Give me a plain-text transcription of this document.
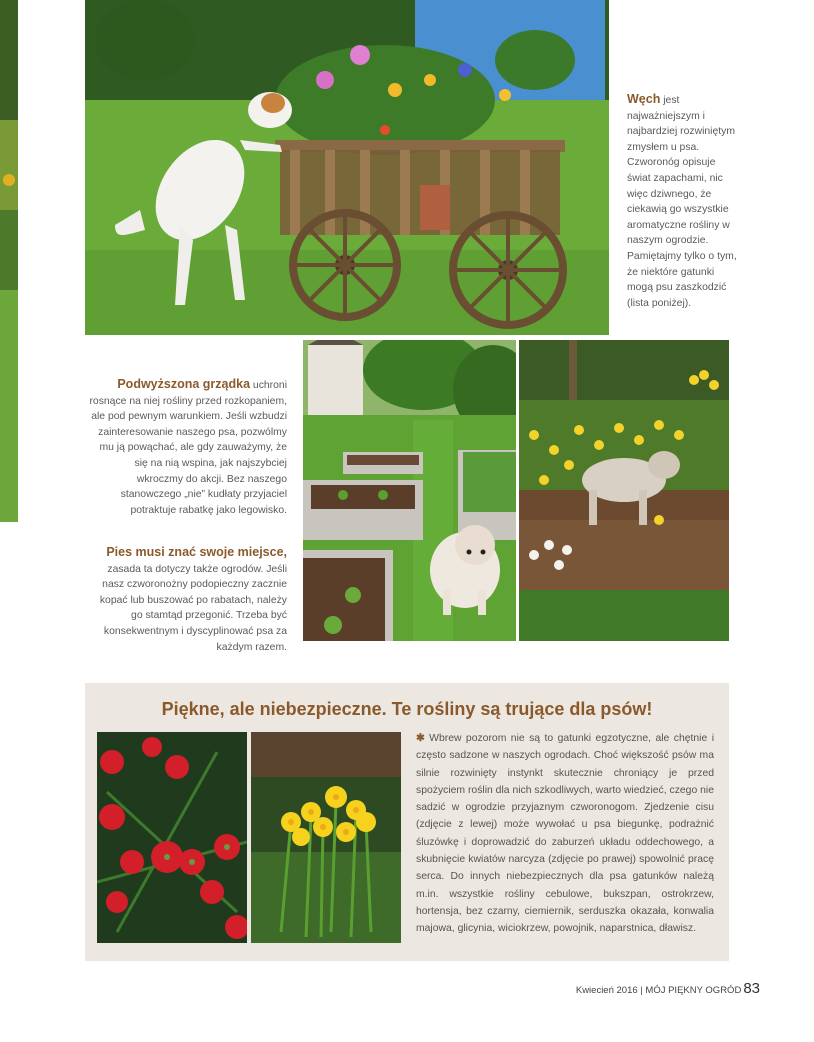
Węch jest najważniejszym i najbardziej rozwiniętym zmysłem u psa. Czworonóg opisuje świat zapachami, nic więc dziwnego, że ciekawią go wszystkie aromatyczne rośliny w naszym ogrodzie. Pamiętajmy tylko o tym, że niektóre gatunki mogą psu zaszkodzić (lista poniżej).
Podwyższona grządka uchroni rosnące na niej rośliny przed rozkopaniem, ale pod pewnym warunkiem. Jeśli wzbudzi zainteresowanie naszego psa, pozwólmy mu ją powąchać, ale gdy zauważymy, że się na nią wspina, jak najszybciej wkroczmy do akcji. Bez naszego stanowczego „nie” kudłaty przyjaciel potraktuje rabatkę jako legowisko.
Pies musi znać swoje miejsce, zasada ta dotyczy także ogrodów. Jeśli nasz czworonożny podopieczny zacznie kopać lub buszować po rabatach, należy go stamtąd przegonić. Trzeba być konsekwentnym i dyscyplinować psa za każdym razem.
Piękne, ale niebezpieczne. Te rośliny są trujące dla psów!
✱ Wbrew pozorom nie są to gatunki egzotyczne, ale chętnie i często sadzone w naszych ogrodach. Choć większość psów ma silnie rozwinięty instynkt skutecznie chroniący je przed spożyciem roślin dla nich szkodliwych, warto wiedzieć, czego nie sadzić w ogrodzie przyjaznym czworonogom. Zjedzenie cisu (zdjęcie z lewej) może wywołać u psa biegunkę, podrażnić śluzówkę i doprowadzić do zaburzeń układu oddechowego, a skubnięcie kwiatów narcyza (zdjęcie po prawej) spowolnić pracę serca. Do innych niebezpiecznych dla psa gatunków należą m.in. wszystkie rośliny cebulowe, bukszpan, ostrokrzew, hortensja, bez czarny, ciemiernik, serduszka okazała, konwalia majowa, glicynia, wiciokrzew, powojnik, naparstnica, dławisz.
Kwiecień 2016 | MÓJ PIĘKNY OGRÓD 83
